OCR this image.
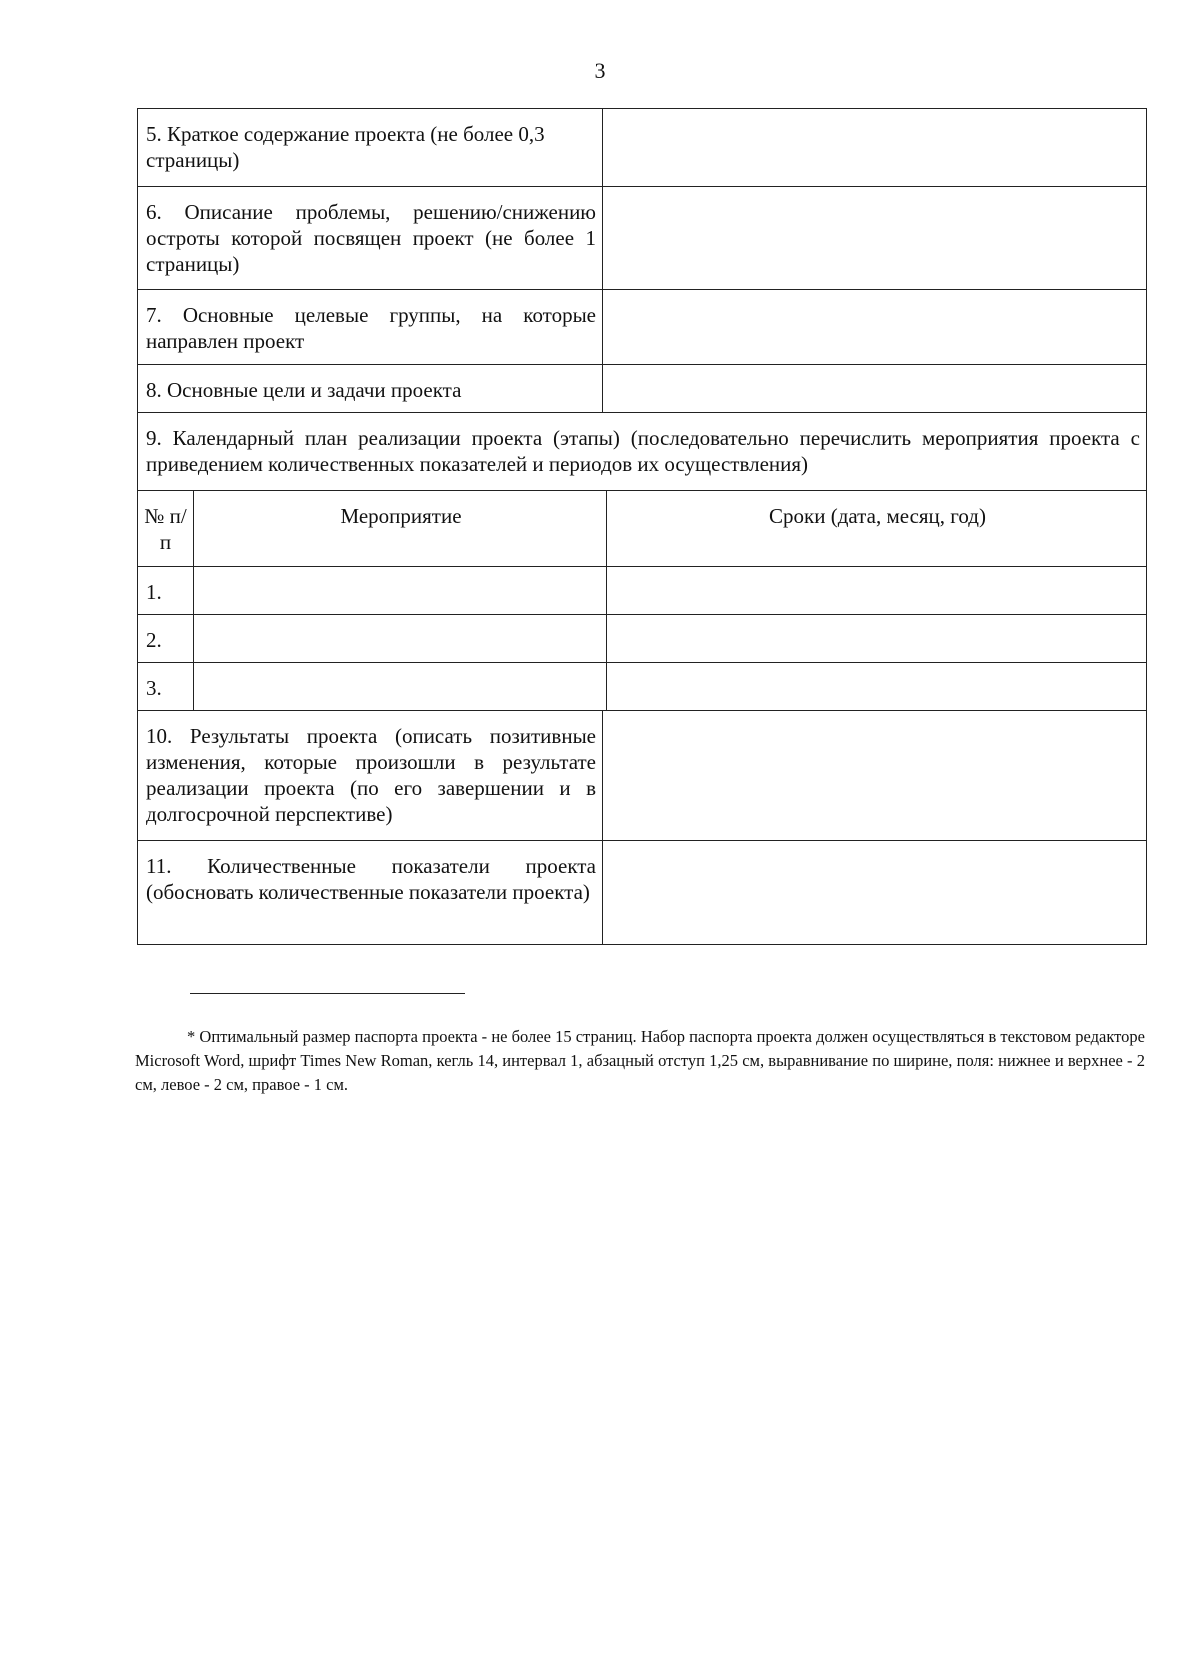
3
5. Краткое содержание проекта (не более 0,3 страницы)			

6. Описание проблемы, решению/снижению остроты которой посвящен проект (не более 1 страницы)			

7. Основные целевые группы, на которые направлен проект			

8. Основные цели и задачи проекта			

9. Календарный план реализации проекта (этапы) (последовательно перечислить мероприятия проекта с приведением количественных показателей и периодов их осуществления)			

№ п/п	Мероприятие		Сроки (дата, месяц, год)

1.			

2.			

3.			

10. Результаты проекта (описать позитивные изменения, которые произошли в результате реализации проекта (по его завершении и в долгосрочной перспективе)			

11. Количественные показатели проекта (обосновать количественные показатели проекта)			

* Оптимальный размер паспорта проекта - не более 15 страниц. Набор паспорта проекта должен осуществляться в текстовом редакторе Microsoft Word, шрифт Times New Roman, кегль 14, интервал 1, абзацный отступ 1,25 см, выравнивание по ширине, поля: нижнее и верхнее - 2 см, левое - 2 см, правое - 1 см.
